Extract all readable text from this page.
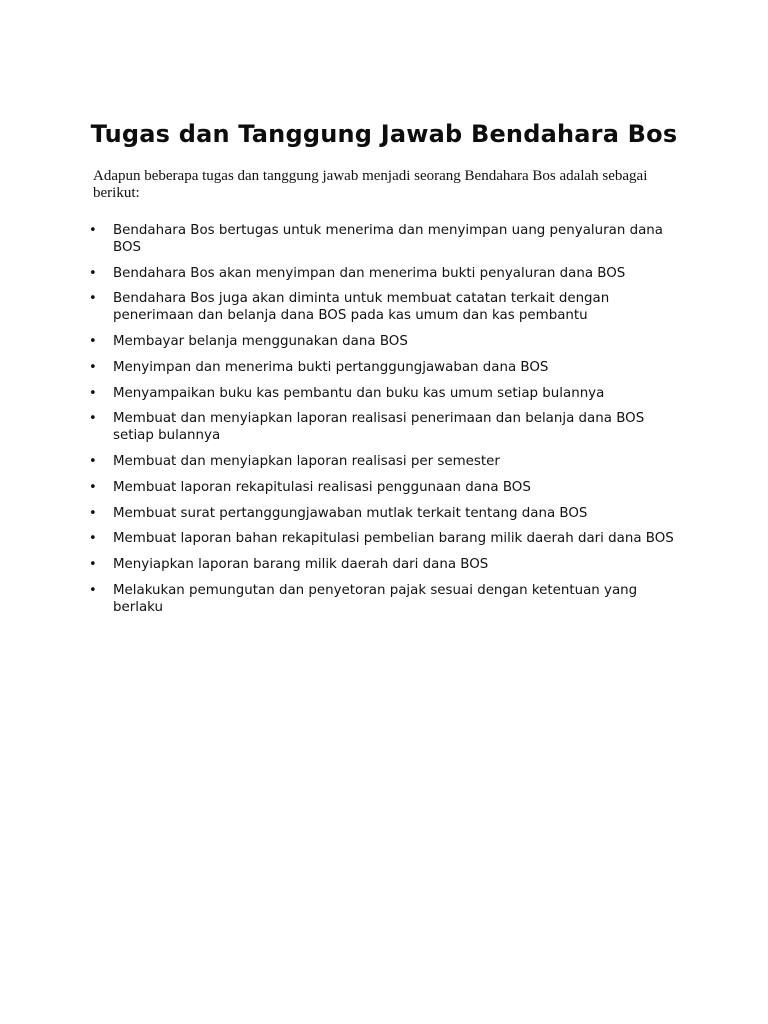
Tugas dan Tanggung Jawab Bendahara Bos

Adapun beberapa tugas dan tanggung jawab menjadi seorang Bendahara Bos adalah sebagai berikut:

• Bendahara Bos bertugas untuk menerima dan menyimpan uang penyaluran dana BOS
• Bendahara Bos akan menyimpan dan menerima bukti penyaluran dana BOS
• Bendahara Bos juga akan diminta untuk membuat catatan terkait dengan penerimaan dan belanja dana BOS pada kas umum dan kas pembantu
• Membayar belanja menggunakan dana BOS
• Menyimpan dan menerima bukti pertanggungjawaban dana BOS
• Menyampaikan buku kas pembantu dan buku kas umum setiap bulannya
• Membuat dan menyiapkan laporan realisasi penerimaan dan belanja dana BOS setiap bulannya
• Membuat dan menyiapkan laporan realisasi per semester
• Membuat laporan rekapitulasi realisasi penggunaan dana BOS
• Membuat surat pertanggungjawaban mutlak terkait tentang dana BOS
• Membuat laporan bahan rekapitulasi pembelian barang milik daerah dari dana BOS
• Menyiapkan laporan barang milik daerah dari dana BOS
• Melakukan pemungutan dan penyetoran pajak sesuai dengan ketentuan yang berlaku
